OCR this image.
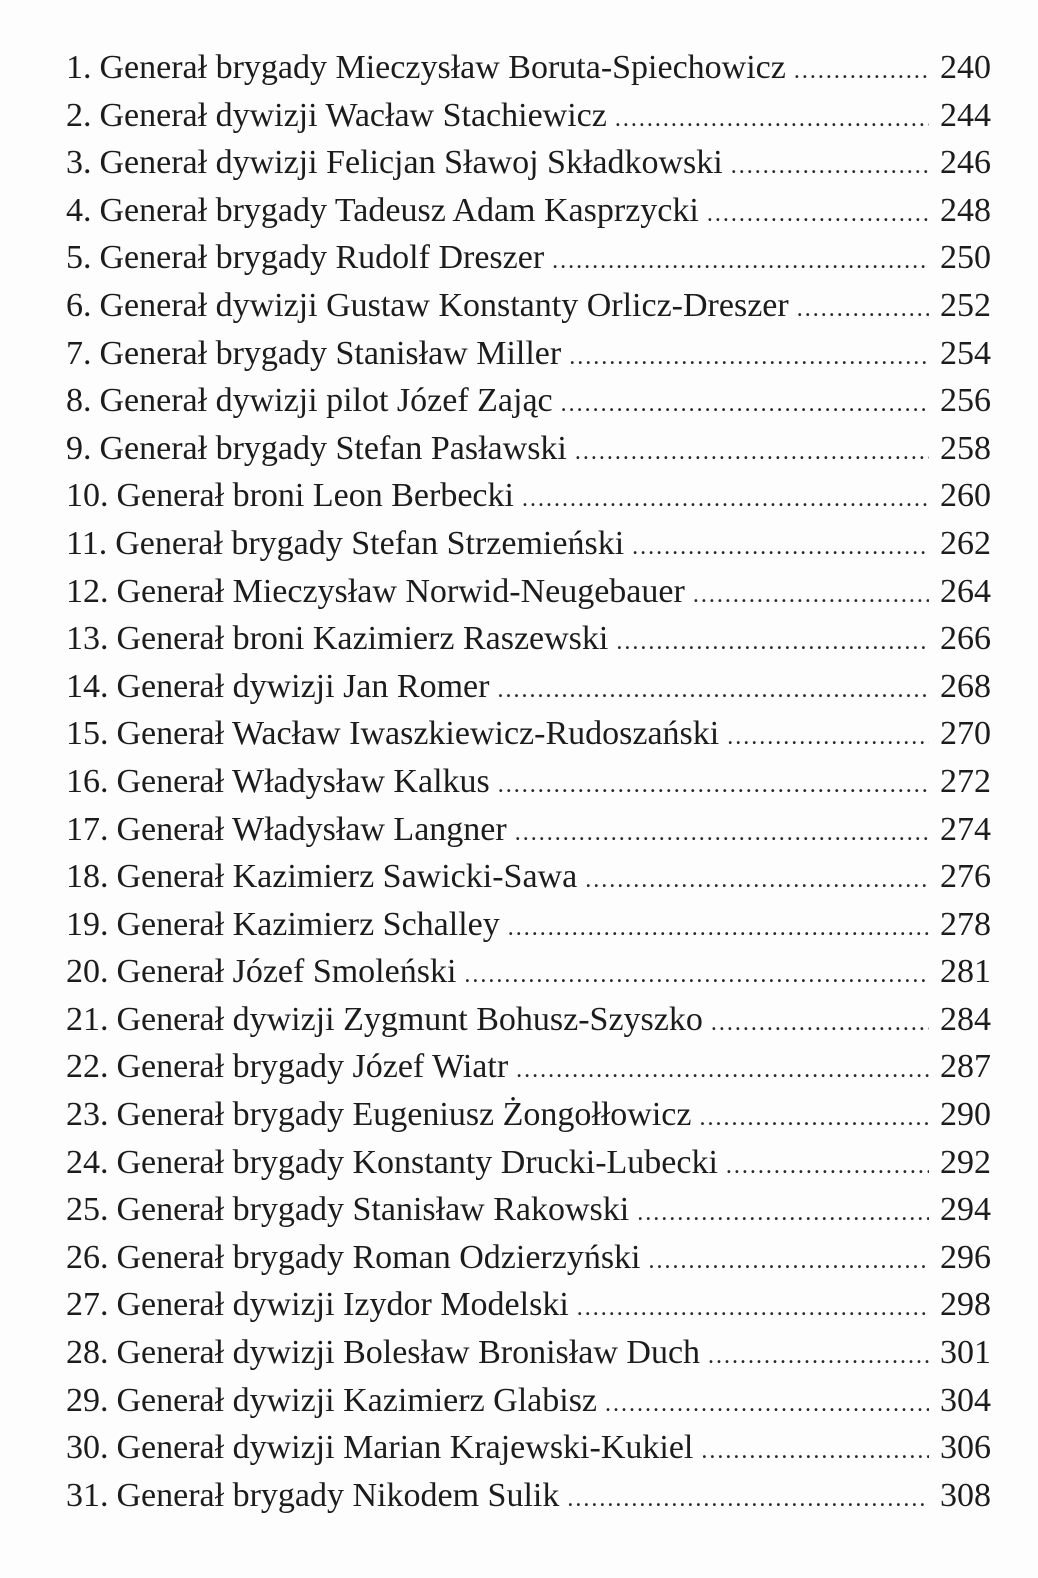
1. Generał brygady Mieczysław Boruta-Spiechowicz .....	240
2. Generał dywizji Wacław Stachiewicz .....	244
3. Generał dywizji Felicjan Sławoj Składkowski .....	246
4. Generał brygady Tadeusz Adam Kasprzycki .....	248
5. Generał brygady Rudolf Dreszer .....	250
6. Generał dywizji Gustaw Konstanty Orlicz-Dreszer .....	252
7. Generał brygady Stanisław Miller .....	254
8. Generał dywizji pilot Józef Zając .....	256
9. Generał brygady Stefan Pasławski .....	258
10. Generał broni Leon Berbecki .....	260
11. Generał brygady Stefan Strzemieński .....	262
12. Generał Mieczysław Norwid-Neugebauer .....	264
13. Generał broni Kazimierz Raszewski .....	266
14. Generał dywizji Jan Romer .....	268
15. Generał Wacław Iwaszkiewicz-Rudoszański .....	270
16. Generał Władysław Kalkus .....	272
17. Generał Władysław Langner .....	274
18. Generał Kazimierz Sawicki-Sawa .....	276
19. Generał Kazimierz Schalley .....	278
20. Generał Józef Smoleński .....	281
21. Generał dywizji Zygmunt Bohusz-Szyszko .....	284
22. Generał brygady Józef Wiatr .....	287
23. Generał brygady Eugeniusz Żongołłowicz .....	290
24. Generał brygady Konstanty Drucki-Lubecki .....	292
25. Generał brygady Stanisław Rakowski .....	294
26. Generał brygady Roman Odzierzyński .....	296
27. Generał dywizji Izydor Modelski .....	298
28. Generał dywizji Bolesław Bronisław Duch .....	301
29. Generał dywizji Kazimierz Glabisz .....	304
30. Generał dywizji Marian Krajewski-Kukiel .....	306
31. Generał brygady Nikodem Sulik .....	308
